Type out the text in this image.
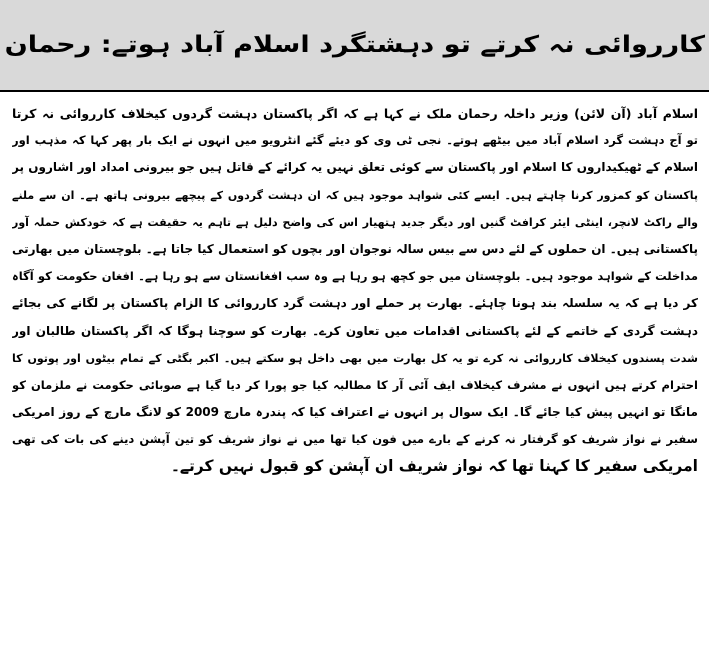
کارروائی نہ کرتے تو دہشتگرد اسلام آباد ہوتے: رحمان
اسلام آباد (آن لائن) وزیر داخلہ رحمان ملک نے کہا ہے کہ اگر پاکستان دہشت گردوں کیخلاف کارروائی نہ کرتا
تو آج دہشت گرد اسلام آباد میں بیٹھے ہوتے۔ نجی ٹی وی کو دیئے گئے انٹرویو میں انہوں نے ایک بار پھر کہا کہ مذہب اور
اسلام کے ٹھیکیداروں کا اسلام اور پاکستان سے کوئی تعلق نہیں یہ کرائے کے قاتل ہیں جو بیرونی امداد اور اشاروں پر
پاکستان کو کمزور کرنا چاہتے ہیں۔ ایسے کئی شواہد موجود ہیں کہ ان دہشت گردوں کے پیچھے بیرونی ہاتھ ہے۔ ان سے ملنے
والے راکٹ لانچر، اینٹی ایئر کرافٹ گنیں اور دیگر جدید ہتھیار اس کی واضح دلیل ہے تاہم یہ حقیقت ہے کہ خودکش حملہ آور
پاکستانی ہیں۔ ان حملوں کے لئے دس سے بیس سالہ نوجوان اور بچوں کو استعمال کیا جاتا ہے۔ بلوچستان میں بھارتی
مداخلت کے شواہد موجود ہیں۔ بلوچستان میں جو کچھ ہو رہا ہے وہ سب افغانستان سے ہو رہا ہے۔ افغان حکومت کو آگاہ
کر دیا ہے کہ یہ سلسلہ بند ہونا چاہئے۔ بھارت پر حملے اور دہشت گرد کارروائی کا الزام پاکستان پر لگانے کی بجائے
دہشت گردی کے خاتمے کے لئے پاکستانی اقدامات میں تعاون کرے۔ بھارت کو سوچنا ہوگا کہ اگر پاکستان طالبان اور
شدت پسندوں کیخلاف کارروائی نہ کرے تو یہ کل بھارت میں بھی داخل ہو سکتے ہیں۔ اکبر بگٹی کے تمام بیٹوں اور پوتوں کا
احترام کرتے ہیں انہوں نے مشرف کیخلاف ایف آئی آر کا مطالبہ کیا جو پورا کر دیا گیا ہے صوبائی حکومت نے ملزمان کو
مانگا تو انہیں پیش کیا جائے گا۔ ایک سوال پر انہوں نے اعتراف کیا کہ پندرہ مارچ 2009 کو لانگ مارچ کے روز امریکی
سفیر نے نواز شریف کو گرفتار نہ کرنے کے بارے میں فون کیا تھا میں نے نواز شریف کو تین آپشن دینے کی بات کی تھی
امریکی سفیر کا کہنا تھا کہ نواز شریف ان آپشن کو قبول نہیں کرتے۔
